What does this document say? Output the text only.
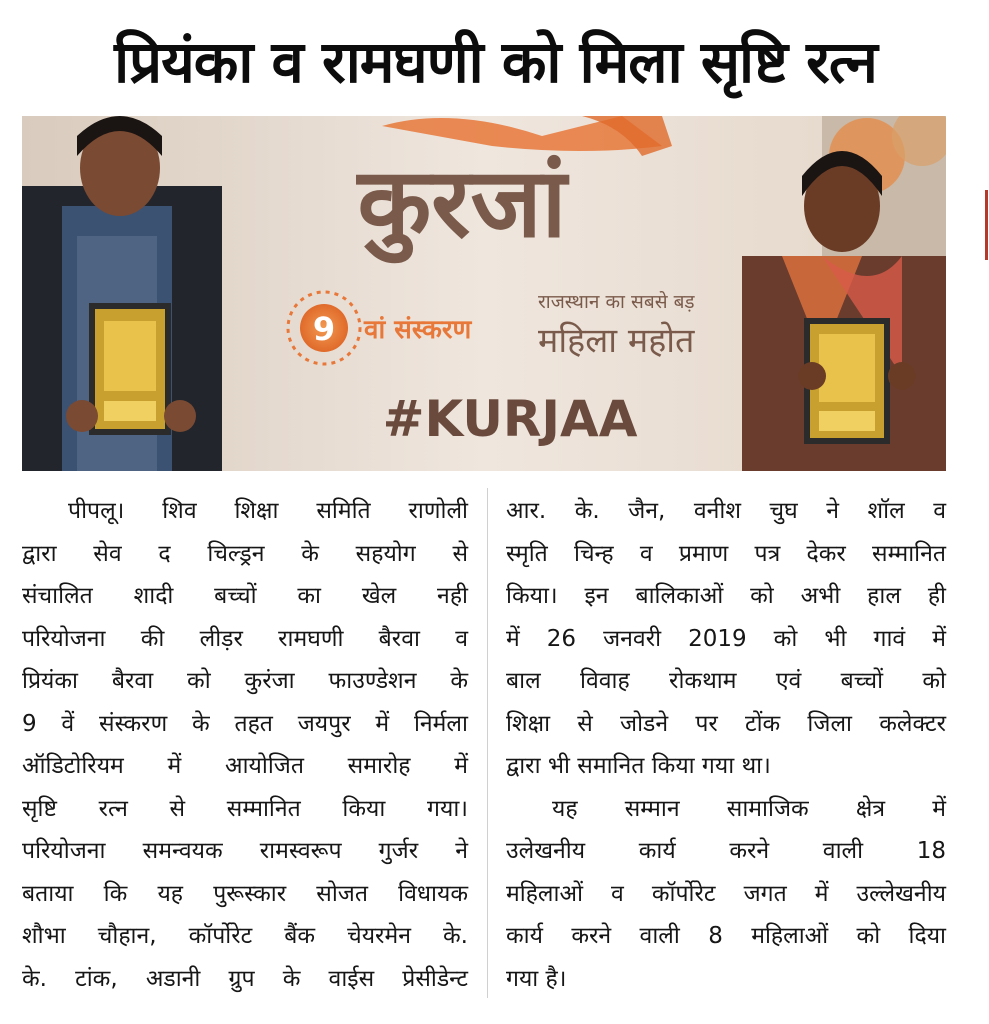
प्रियंका व रामघणी को मिला सृष्टि रत्न
कुरजां
9 वां संस्करण
राजस्थान का सबसे बड़
महिला महोत
#KURJAA

पीपलू। शिव शिक्षा समिति राणोली
द्वारा सेव द चिल्ड्रन के सहयोग से
संचालित शादी बच्चों का खेल नही
परियोजना की लीड़र रामघणी बैरवा व
प्रियंका बैरवा को कुरंजा फाउण्डेशन के
9 वें संस्करण के तहत जयपुर में निर्मला
ऑडिटोरियम में आयोजित समारोह में
सृष्टि रत्न से सम्मानित किया गया।
परियोजना समन्वयक रामस्वरूप गुर्जर ने
बताया कि यह पुरूस्कार सोजत विधायक
शौभा चौहान, कॉर्पोरेट बैंक चेयरमेन के.
के. टांक, अडानी ग्रुप के वाईस प्रेसीडेन्ट

आर. के. जैन, वनीश चुघ ने शॉल व
स्मृति चिन्ह व प्रमाण पत्र देकर सम्मानित
किया। इन बालिकाओं को अभी हाल ही
में 26 जनवरी 2019 को भी गावं में
बाल विवाह रोकथाम एवं बच्चों को
शिक्षा से जोडने पर टोंक जिला कलेक्टर
द्वारा भी समानित किया गया था।

यह सम्मान सामाजिक क्षेत्र में
उलेखनीय कार्य करने वाली 18
महिलाओं व कॉर्पोरेट जगत में उल्लेखनीय
कार्य करने वाली 8 महिलाओं को दिया
गया है।
